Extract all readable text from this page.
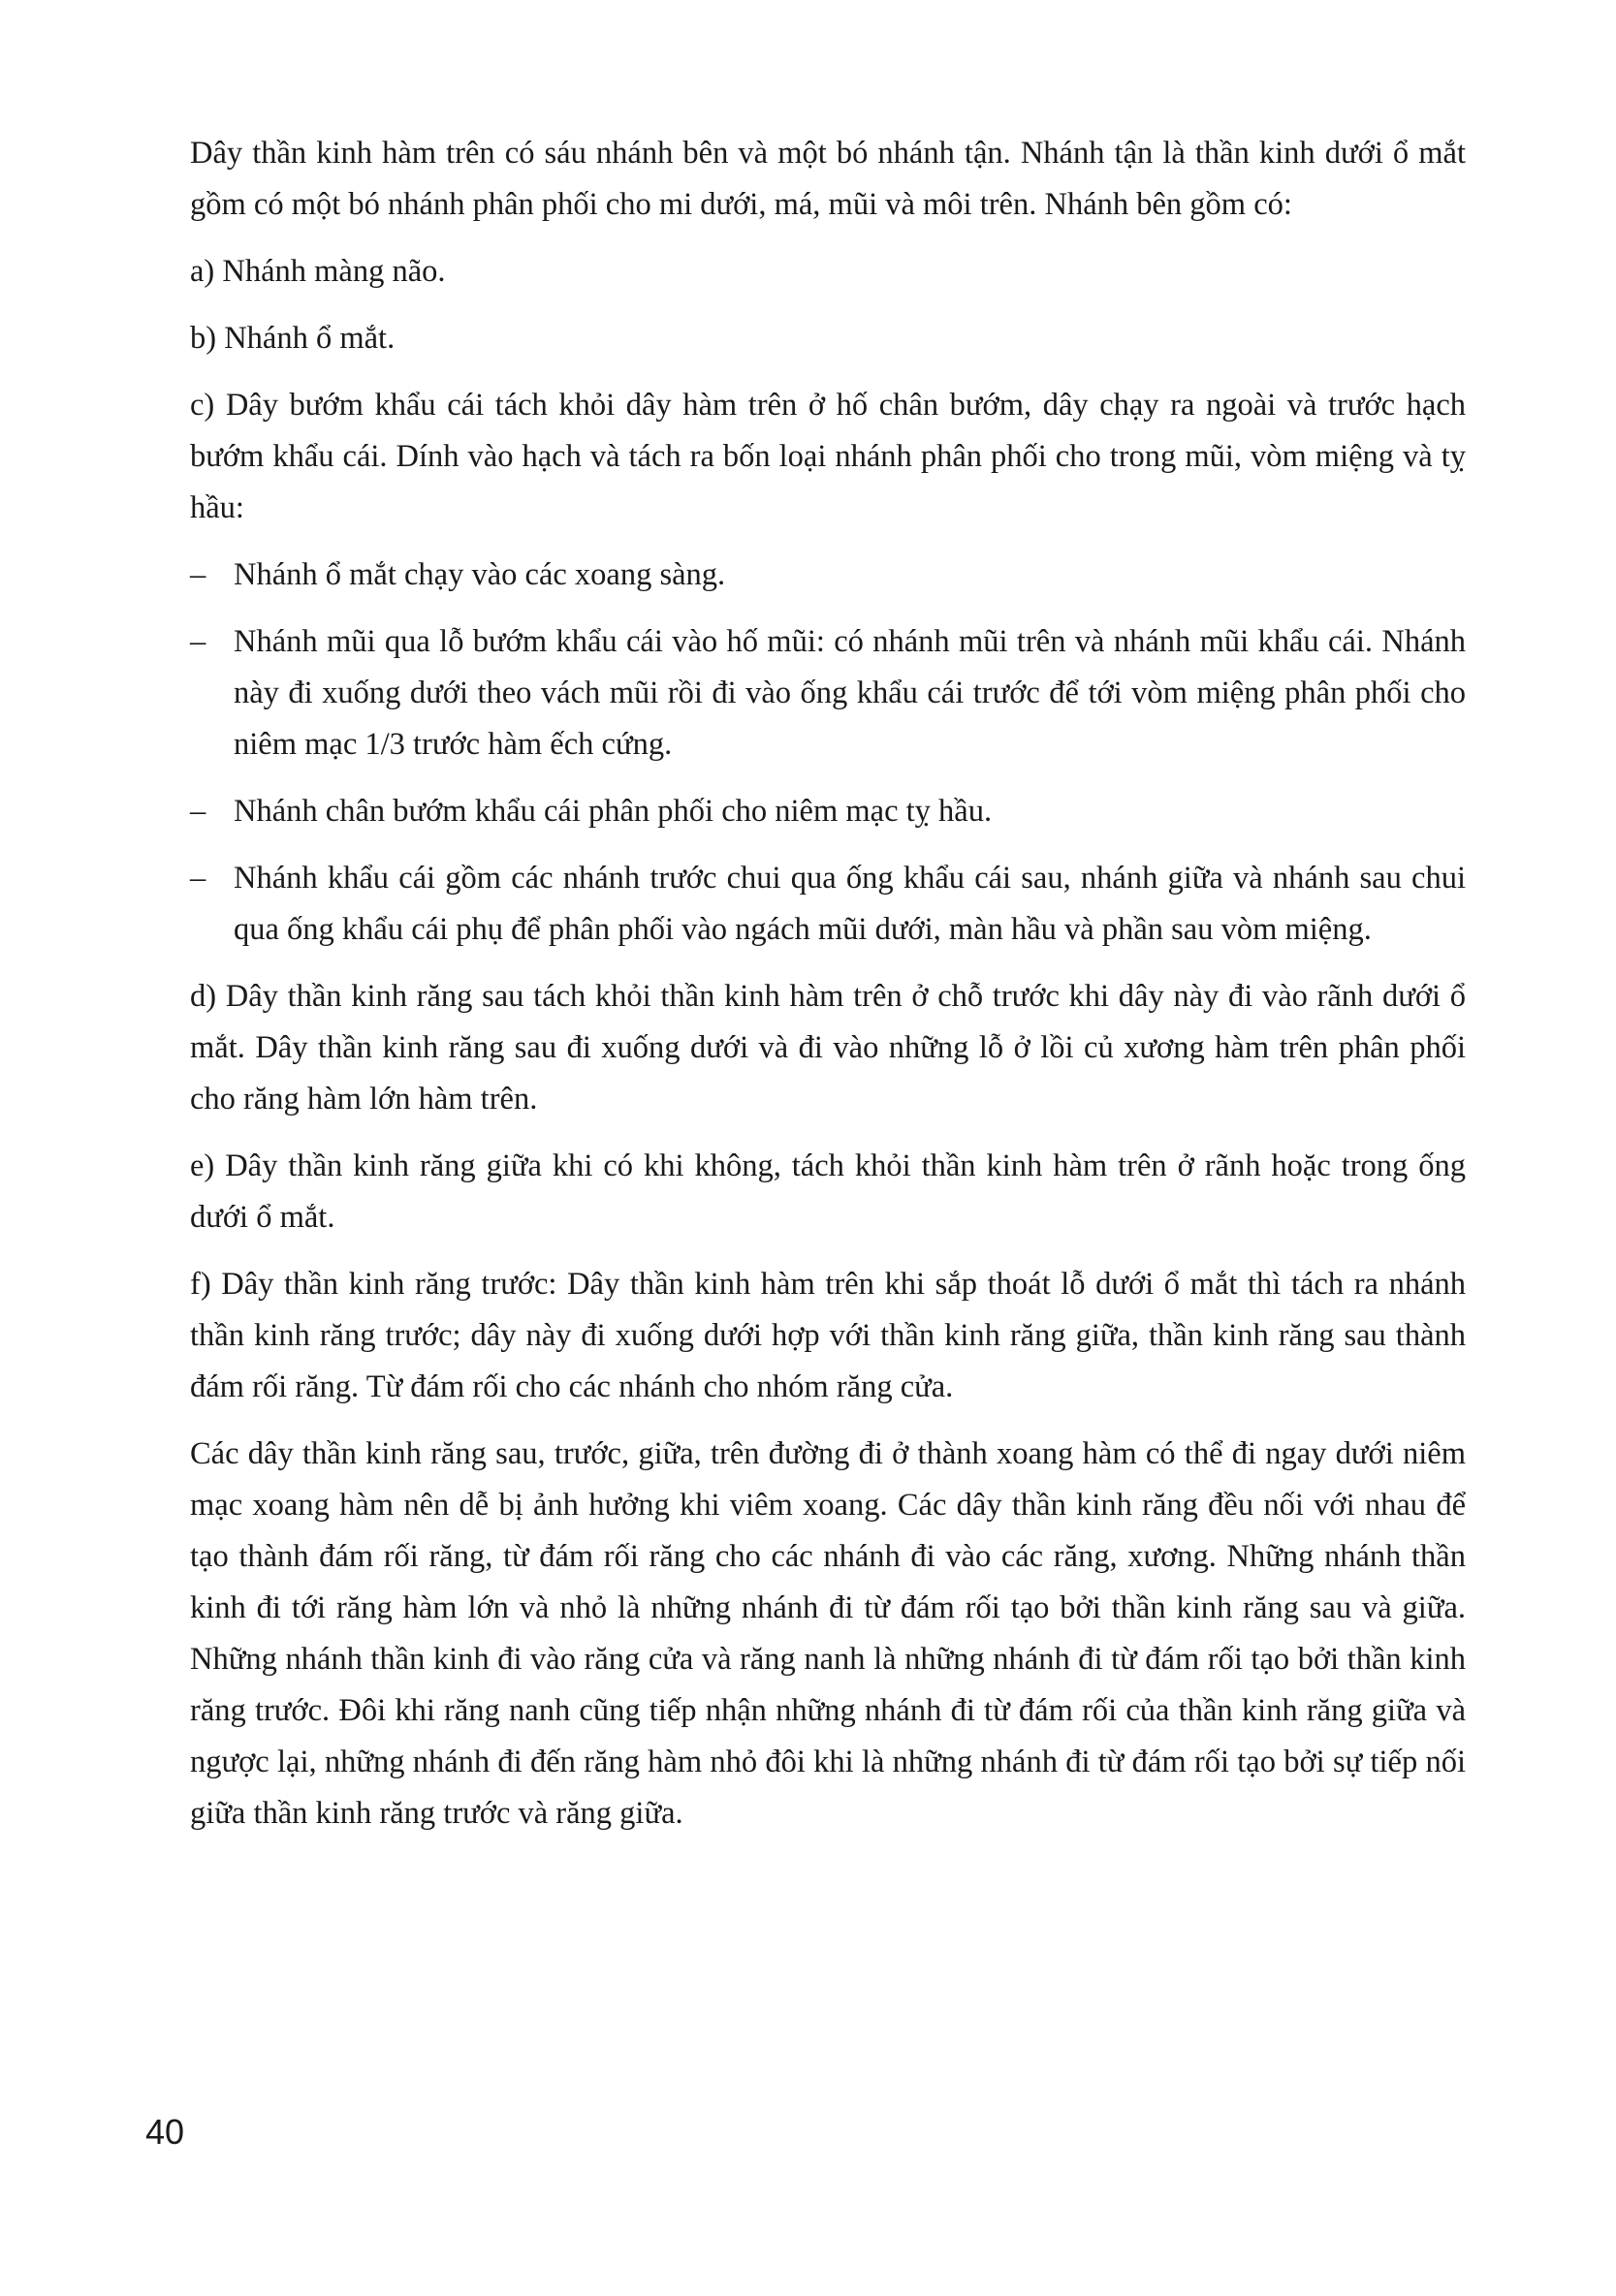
Dây thần kinh hàm trên có sáu nhánh bên và một bó nhánh tận. Nhánh tận là thần kinh dưới ổ mắt gồm có một bó nhánh phân phối cho mi dưới, má, mũi và môi trên. Nhánh bên gồm có:

a) Nhánh màng não.

b) Nhánh ổ mắt.

c) Dây bướm khẩu cái tách khỏi dây hàm trên ở hố chân bướm, dây chạy ra ngoài và trước hạch bướm khẩu cái. Dính vào hạch và tách ra bốn loại nhánh phân phối cho trong mũi, vòm miệng và tỵ hầu:

– Nhánh ổ mắt chạy vào các xoang sàng.
– Nhánh mũi qua lỗ bướm khẩu cái vào hố mũi: có nhánh mũi trên và nhánh mũi khẩu cái. Nhánh này đi xuống dưới theo vách mũi rồi đi vào ống khẩu cái trước để tới vòm miệng phân phối cho niêm mạc 1/3 trước hàm ếch cứng.
– Nhánh chân bướm khẩu cái phân phối cho niêm mạc tỵ hầu.
– Nhánh khẩu cái gồm các nhánh trước chui qua ống khẩu cái sau, nhánh giữa và nhánh sau chui qua ống khẩu cái phụ để phân phối vào ngách mũi dưới, màn hầu và phần sau vòm miệng.

d) Dây thần kinh răng sau tách khỏi thần kinh hàm trên ở chỗ trước khi dây này đi vào rãnh dưới ổ mắt. Dây thần kinh răng sau đi xuống dưới và đi vào những lỗ ở lồi củ xương hàm trên phân phối cho răng hàm lớn hàm trên.

e) Dây thần kinh răng giữa khi có khi không, tách khỏi thần kinh hàm trên ở rãnh hoặc trong ống dưới ổ mắt.

f) Dây thần kinh răng trước: Dây thần kinh hàm trên khi sắp thoát lỗ dưới ổ mắt thì tách ra nhánh thần kinh răng trước; dây này đi xuống dưới hợp với thần kinh răng giữa, thần kinh răng sau thành đám rối răng. Từ đám rối cho các nhánh cho nhóm răng cửa.

Các dây thần kinh răng sau, trước, giữa, trên đường đi ở thành xoang hàm có thể đi ngay dưới niêm mạc xoang hàm nên dễ bị ảnh hưởng khi viêm xoang. Các dây thần kinh răng đều nối với nhau để tạo thành đám rối răng, từ đám rối răng cho các nhánh đi vào các răng, xương. Những nhánh thần kinh đi tới răng hàm lớn và nhỏ là những nhánh đi từ đám rối tạo bởi thần kinh răng sau và giữa. Những nhánh thần kinh đi vào răng cửa và răng nanh là những nhánh đi từ đám rối tạo bởi thần kinh răng trước. Đôi khi răng nanh cũng tiếp nhận những nhánh đi từ đám rối của thần kinh răng giữa và ngược lại, những nhánh đi đến răng hàm nhỏ đôi khi là những nhánh đi từ đám rối tạo bởi sự tiếp nối giữa thần kinh răng trước và răng giữa.

40
